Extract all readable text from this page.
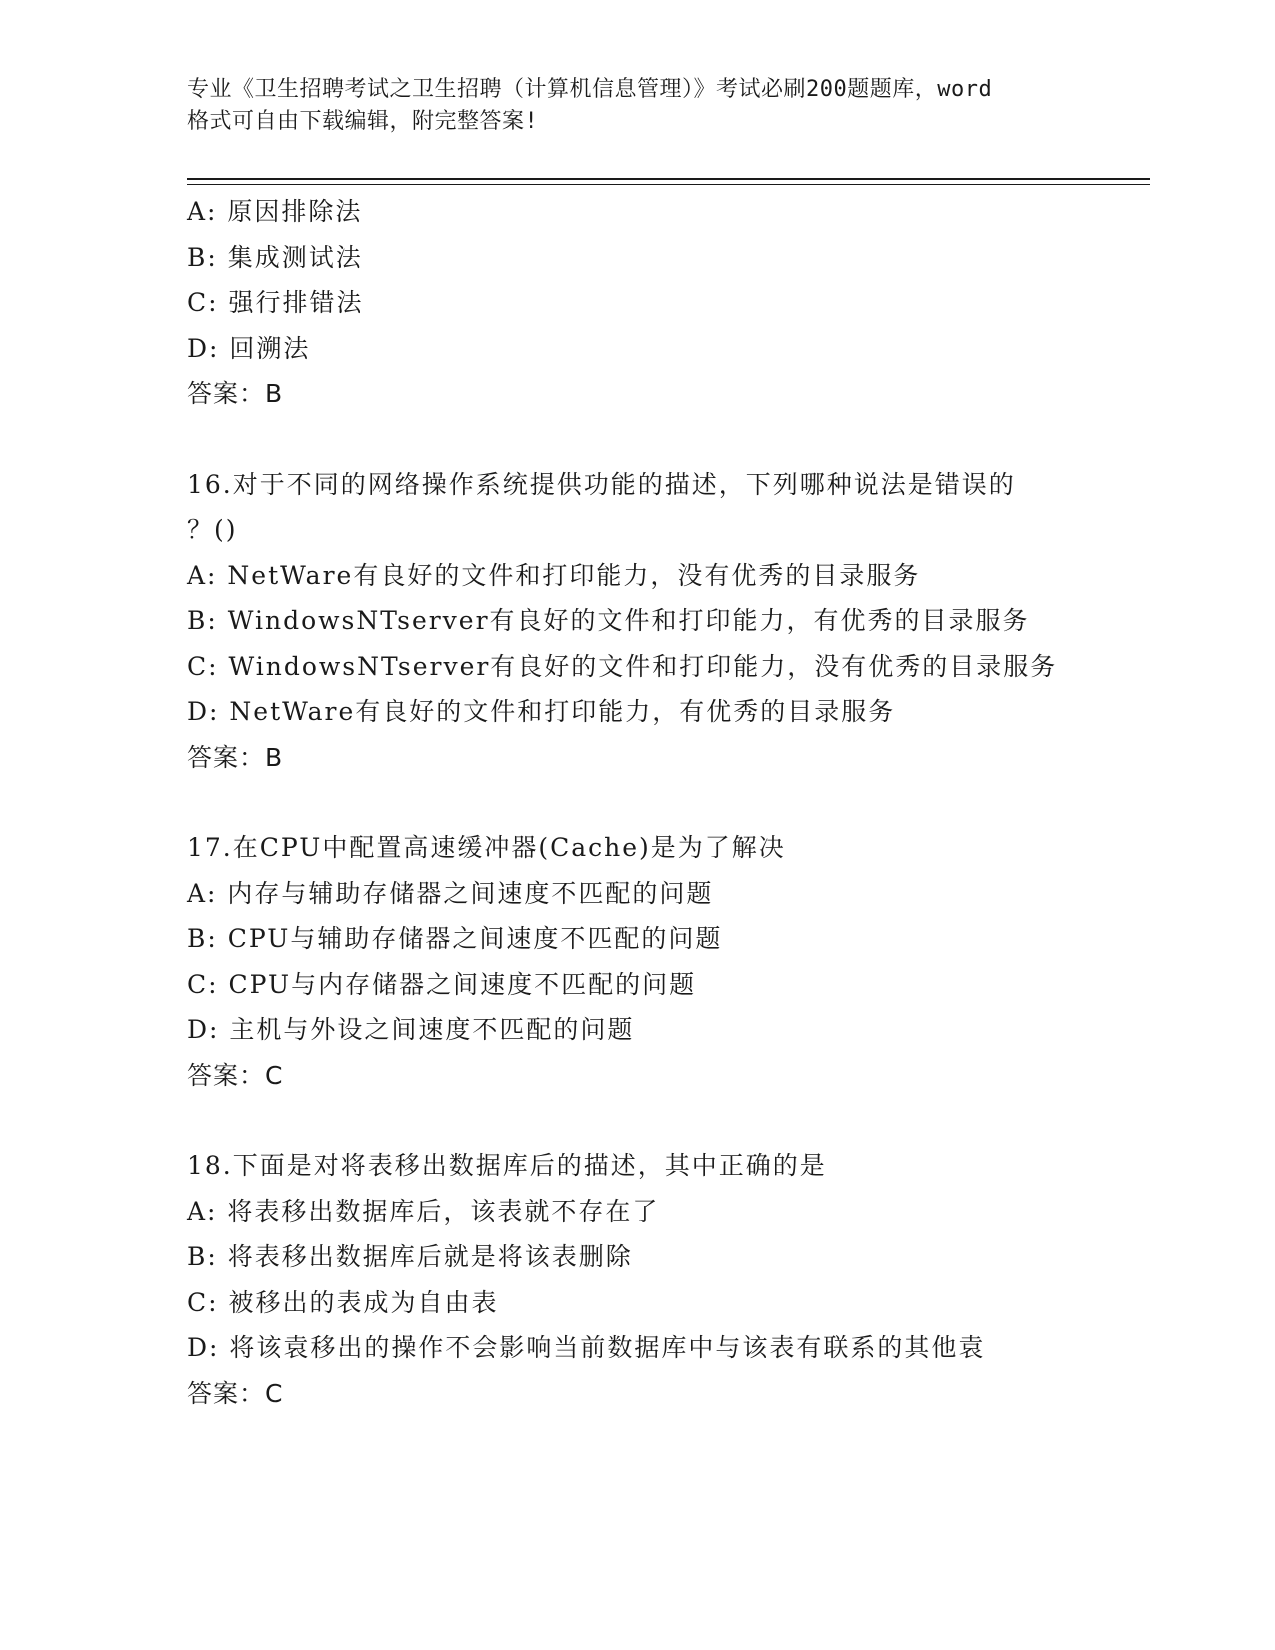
专业《卫生招聘考试之卫生招聘（计算机信息管理）》考试必刷200题题库，word
格式可自由下载编辑，附完整答案!
A: 原因排除法
B: 集成测试法
C: 强行排错法
D: 回溯法
答案：B
16.对于不同的网络操作系统提供功能的描述，下列哪种说法是错误的
？()
A: NetWare有良好的文件和打印能力，没有优秀的目录服务
B: WindowsNTserver有良好的文件和打印能力，有优秀的目录服务
C: WindowsNTserver有良好的文件和打印能力，没有优秀的目录服务
D: NetWare有良好的文件和打印能力，有优秀的目录服务
答案：B
17.在CPU中配置高速缓冲器(Cache)是为了解决
A: 内存与辅助存储器之间速度不匹配的问题
B: CPU与辅助存储器之间速度不匹配的问题
C: CPU与内存储器之间速度不匹配的问题
D: 主机与外设之间速度不匹配的问题
答案：C
18.下面是对将表移出数据库后的描述，其中正确的是
A: 将表移出数据库后，该表就不存在了
B: 将表移出数据库后就是将该表删除
C: 被移出的表成为自由表
D: 将该袁移出的操作不会影响当前数据库中与该表有联系的其他袁
答案：C
